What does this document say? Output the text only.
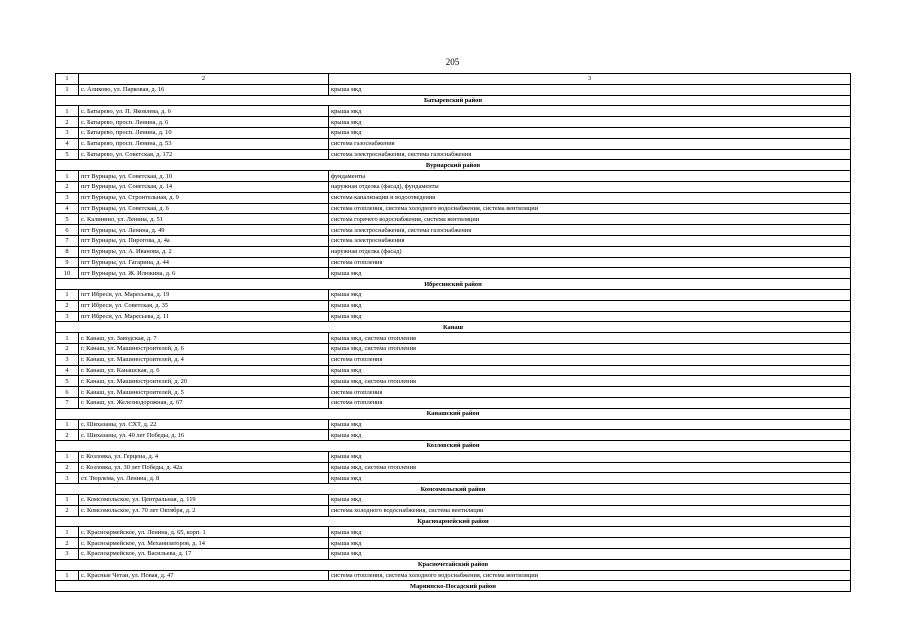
205
1	2	3
1	с. Аликово, ул. Парковая, д. 16	крыша мкд
Батыревский район		
1	с. Батырево, ул. П. Яковлева, д. 6	крыша мкд
2	с. Батырево, просп. Ленина, д. 6	крыша мкд
3	с. Батырево, просп. Ленина, д. 10	крыша мкд
4	с. Батырево, просп. Ленина, д. 53	система газоснабжения
5	с. Батырево, ул. Советская, д. 172	система электроснабжения, система газоснабжения
Вурнарский район		
1	пгт Вурнары, ул. Советская, д. 10	фундаменты
2	пгт Вурнары, ул. Советская, д. 14	наружная отделка (фасад), фундаменты
3	пгт Вурнары, ул. Строительная, д. 9	система канализации и водоотведения
4	пгт Вурнары, ул. Советская, д. 6	система отопления, система холодного водоснабжения, система вентиляции
5	с. Калинино, ул. Ленина, д. 51	система горячего водоснабжения, система вентиляции
6	пгт Вурнары, ул. Ленина, д. 49	система электроснабжения, система газоснабжения
7	пгт Вурнары, ул. Пирогова, д. 4а	система электроснабжения
8	пгт Вурнары, ул. А. Иванова, д. 2	наружная отделка (фасад)
9	пгт Вурнары, ул. Гагарина, д. 44	система отопления
10	пгт Вурнары, ул. Ж. Илюкина, д. 6	крыша мкд
Ибресинский район		
1	пгт Ибреси, ул. Маресьева, д. 19	крыша мкд
2	пгт Ибреси, ул. Советская, д. 35	крыша мкд
3	пгт Ибреси, ул. Маресьева, д. 11	крыша мкд
Канаш		
1	г. Канаш, ул. Заводская, д. 7	крыша мкд, система отопления
2	г. Канаш, ул. Машиностроителей, д. 6	крыша мкд, система отопления
3	г. Канаш, ул. Машиностроителей, д. 4	система отопления
4	г. Канаш, ул. Канашская, д. 6	крыша мкд
5	г. Канаш, ул. Машиностроителей, д. 20	крыша мкд, система отопления
6	г. Канаш, ул. Машиностроителей, д. 5	система отопления
7	г. Канаш, ул. Железнодорожная, д. 67	система отопления
Канашский район		
1	с. Шихазаны, ул. СХТ, д. 22	крыша мкд
2	с. Шихазаны, ул. 40 лет Победы, д. 16	крыша мкд
Козловский район		
1	г. Козловка, ул. Герцена, д. 4	крыша мкд
2	г. Козловка, ул. 30 лет Победы, д. 42а	крыша мкд, система отопления
3	ст. Тюрлема, ул. Ленина, д. 8	крыша мкд
Комсомольский район		
1	с. Комсомольское, ул. Центральная, д. 119	крыша мкд
2	с. Комсомольское, ул. 70 лет Октября, д. 2	система холодного водоснабжения, система вентиляции
Красноармейский район		
1	с. Красноармейское, ул. Ленина, д. 65, корп. 1	крыша мкд
2	с. Красноармейское, ул. Механизаторов, д. 14	крыша мкд
3	с. Красноармейское, ул. Васильева, д. 17	крыша мкд
Красночетайский район		
1	с. Красные Четаи, ул. Новая, д. 47	система отопления, система холодного водоснабжения, система вентиляции
Мариинско-Посадский район		
